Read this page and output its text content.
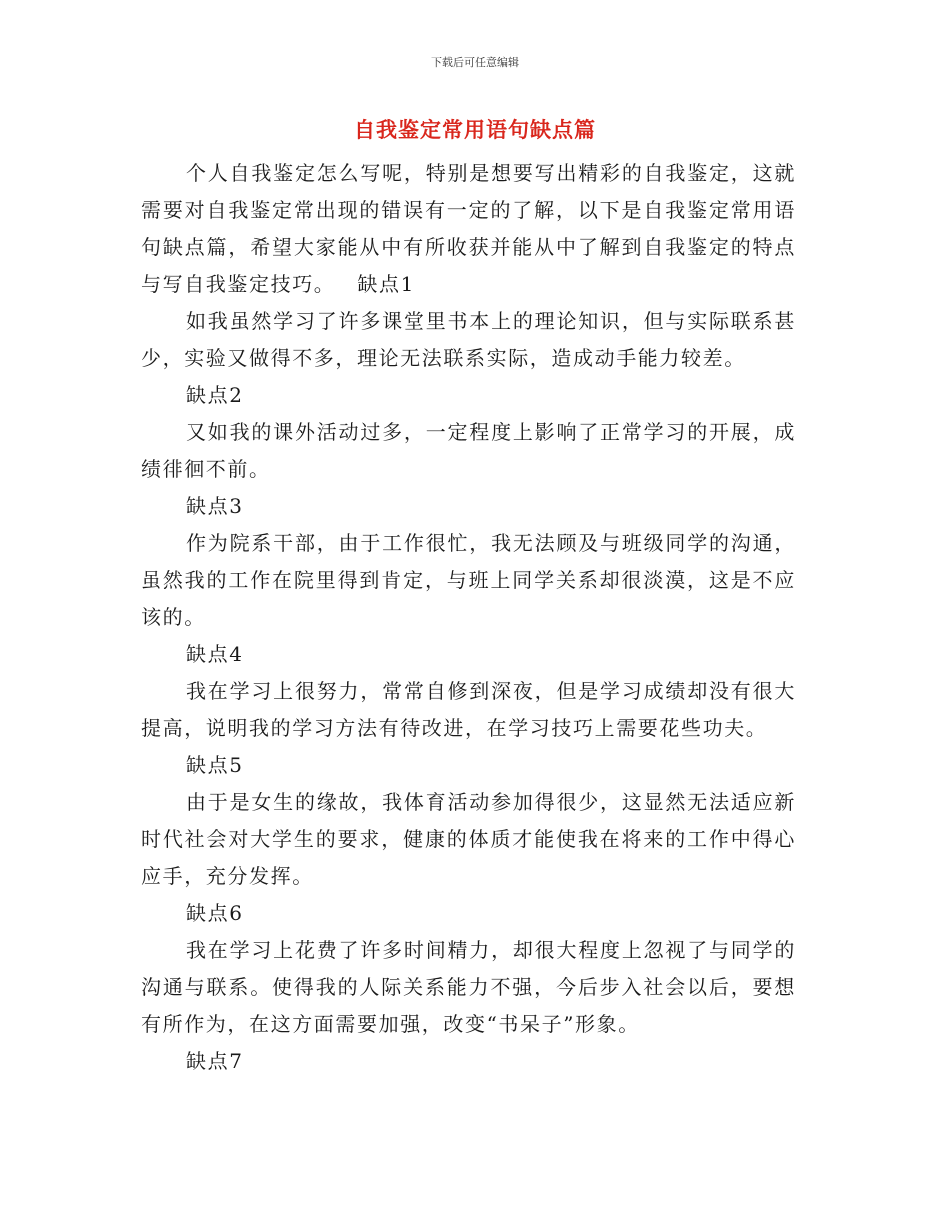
下载后可任意编辑
自我鉴定常用语句缺点篇

个人自我鉴定怎么写呢，特别是想要写出精彩的自我鉴定，这就需要对自我鉴定常出现的错误有一定的了解，以下是自我鉴定常用语句缺点篇，希望大家能从中有所收获并能从中了解到自我鉴定的特点与写自我鉴定技巧。 缺点1

如我虽然学习了许多课堂里书本上的理论知识，但与实际联系甚少，实验又做得不多，理论无法联系实际，造成动手能力较差。

缺点2

又如我的课外活动过多，一定程度上影响了正常学习的开展，成绩徘徊不前。

缺点3

作为院系干部，由于工作很忙，我无法顾及与班级同学的沟通，虽然我的工作在院里得到肯定，与班上同学关系却很淡漠，这是不应该的。

缺点4

我在学习上很努力，常常自修到深夜，但是学习成绩却没有很大提高，说明我的学习方法有待改进，在学习技巧上需要花些功夫。

缺点5

由于是女生的缘故，我体育活动参加得很少，这显然无法适应新时代社会对大学生的要求，健康的体质才能使我在将来的工作中得心应手，充分发挥。

缺点6

我在学习上花费了许多时间精力，却很大程度上忽视了与同学的沟通与联系。使得我的人际关系能力不强，今后步入社会以后，要想有所作为，在这方面需要加强，改变“书呆子”形象。

缺点7
